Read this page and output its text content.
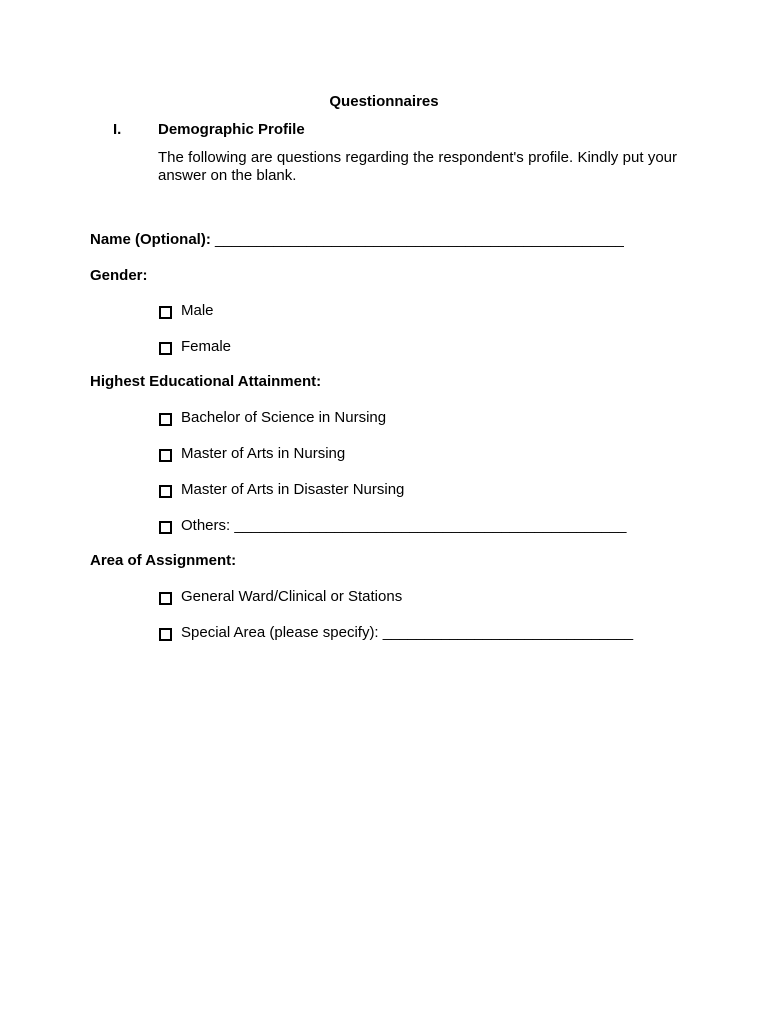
Questionnaires
I. Demographic Profile
The following are questions regarding the respondent's profile. Kindly put your answer on the blank.
Name (Optional): _________________________________________________
Gender:
Male
Female
Highest Educational Attainment:
Bachelor of Science in Nursing
Master of Arts in Nursing
Master of Arts in Disaster Nursing
Others: _______________________________________________
Area of Assignment:
General Ward/Clinical or Stations
Special Area (please specify): ______________________________
